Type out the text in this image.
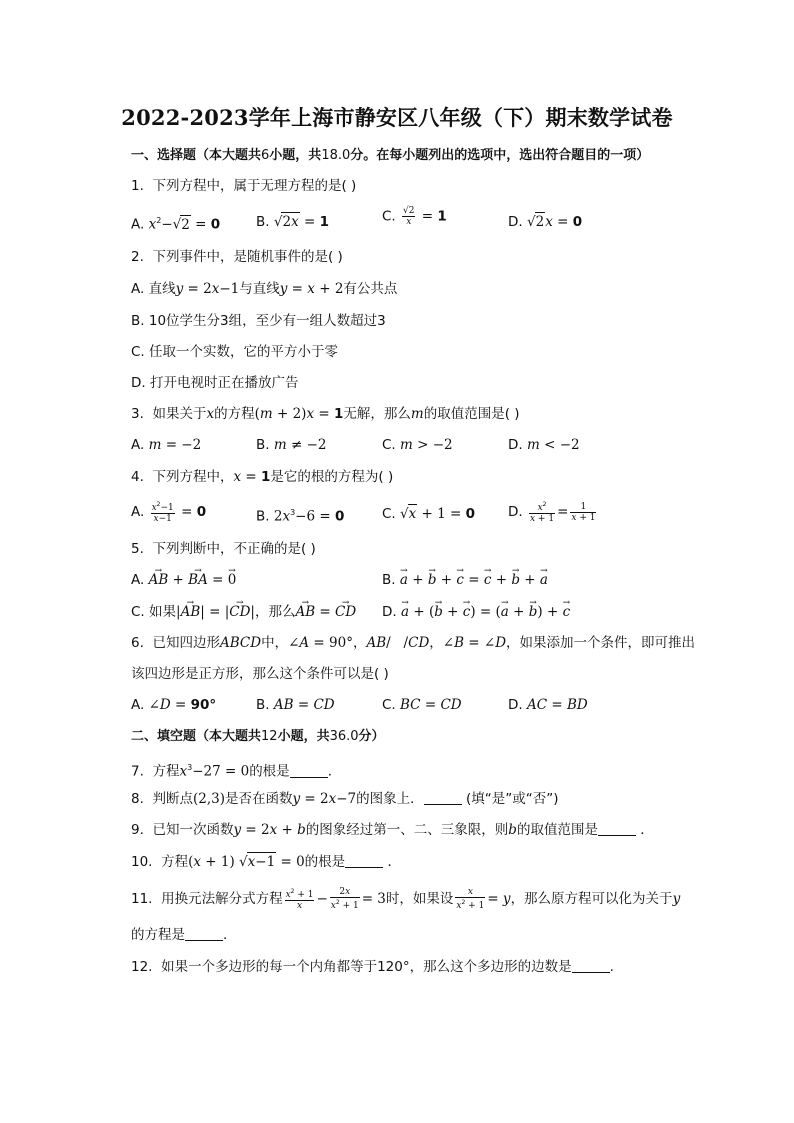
2022-2023学年上海市静安区八年级（下）期末数学试卷
一、选择题（本大题共6小题，共18.0分。在每小题列出的选项中，选出符合题目的一项）
1. 下列方程中，属于无理方程的是( )
A. $x^2-√2 = 0$	B. √2x = 1	C. $\frac{√2}{x} = 1$	D. √2x = 0
2. 下列事件中，是随机事件的是( )
A. 直线y = 2x−1与直线y = x + 2有公共点
B. 10位学生分3组，至少有一组人数超过3
C. 任取一个实数，它的平方小于零
D. 打开电视时正在播放广告
3. 如果关于x的方程(m + 2)x = 1无解，那么m的取值范围是( )
A. m = −2	B. m ≠ −2	C. m > −2	D. m < −2
4. 下列方程中，x = 1是它的根的方程为( )
A. $\frac{x^2-1}{x-1} = 0$	B. $2x^3-6 = 0$	C. √x + 1 = 0 D. $\frac{x^2}{x + 1} = \frac{1}{x + 1}$
5. 下列判断中，不正确的是( )
A. → AB + → BA = → 0	B. → a + → b + → c = → c + → b + → a
C. 如果|→ AB| = |→ CD|，那么→ AB = → CD D. → a + (→ b + → c) = (→ a + → b) + → c
6. 已知四边形ABCD中，∠A = 90°，AB/   /CD，∠B = ∠D，如果添加一个条件，即可推出
该四边形是正方形，那么这个条件可以是( )
A. ∠D = 90°	B. AB = CD	C. BC = CD	D. AC = BD
二、填空题（本大题共12小题，共36.0分）
7. 方程$x^3-27 = 0$的根是	.
8. 判断点(2,3)是否在函数y = 2x−7的图象上．	(填“是”或“否”)
9. 已知一次函数y = 2x + b的图象经过第一、二、三象限，则b的取值范围是	．
10. 方程(x + 1) √x−1 = 0的根是	．
11. 用换元法解分式方程 $\frac{x^2 + 1}{x} - \frac{2x}{x^2 + 1} = 3$时，如果设 $\frac{x}{x^2 + 1} = y$，那么原方程可以化为关于y
的方程是	.
12. 如果一个多边形的每一个内角都等于120°，那么这个多边形的边数是	.
